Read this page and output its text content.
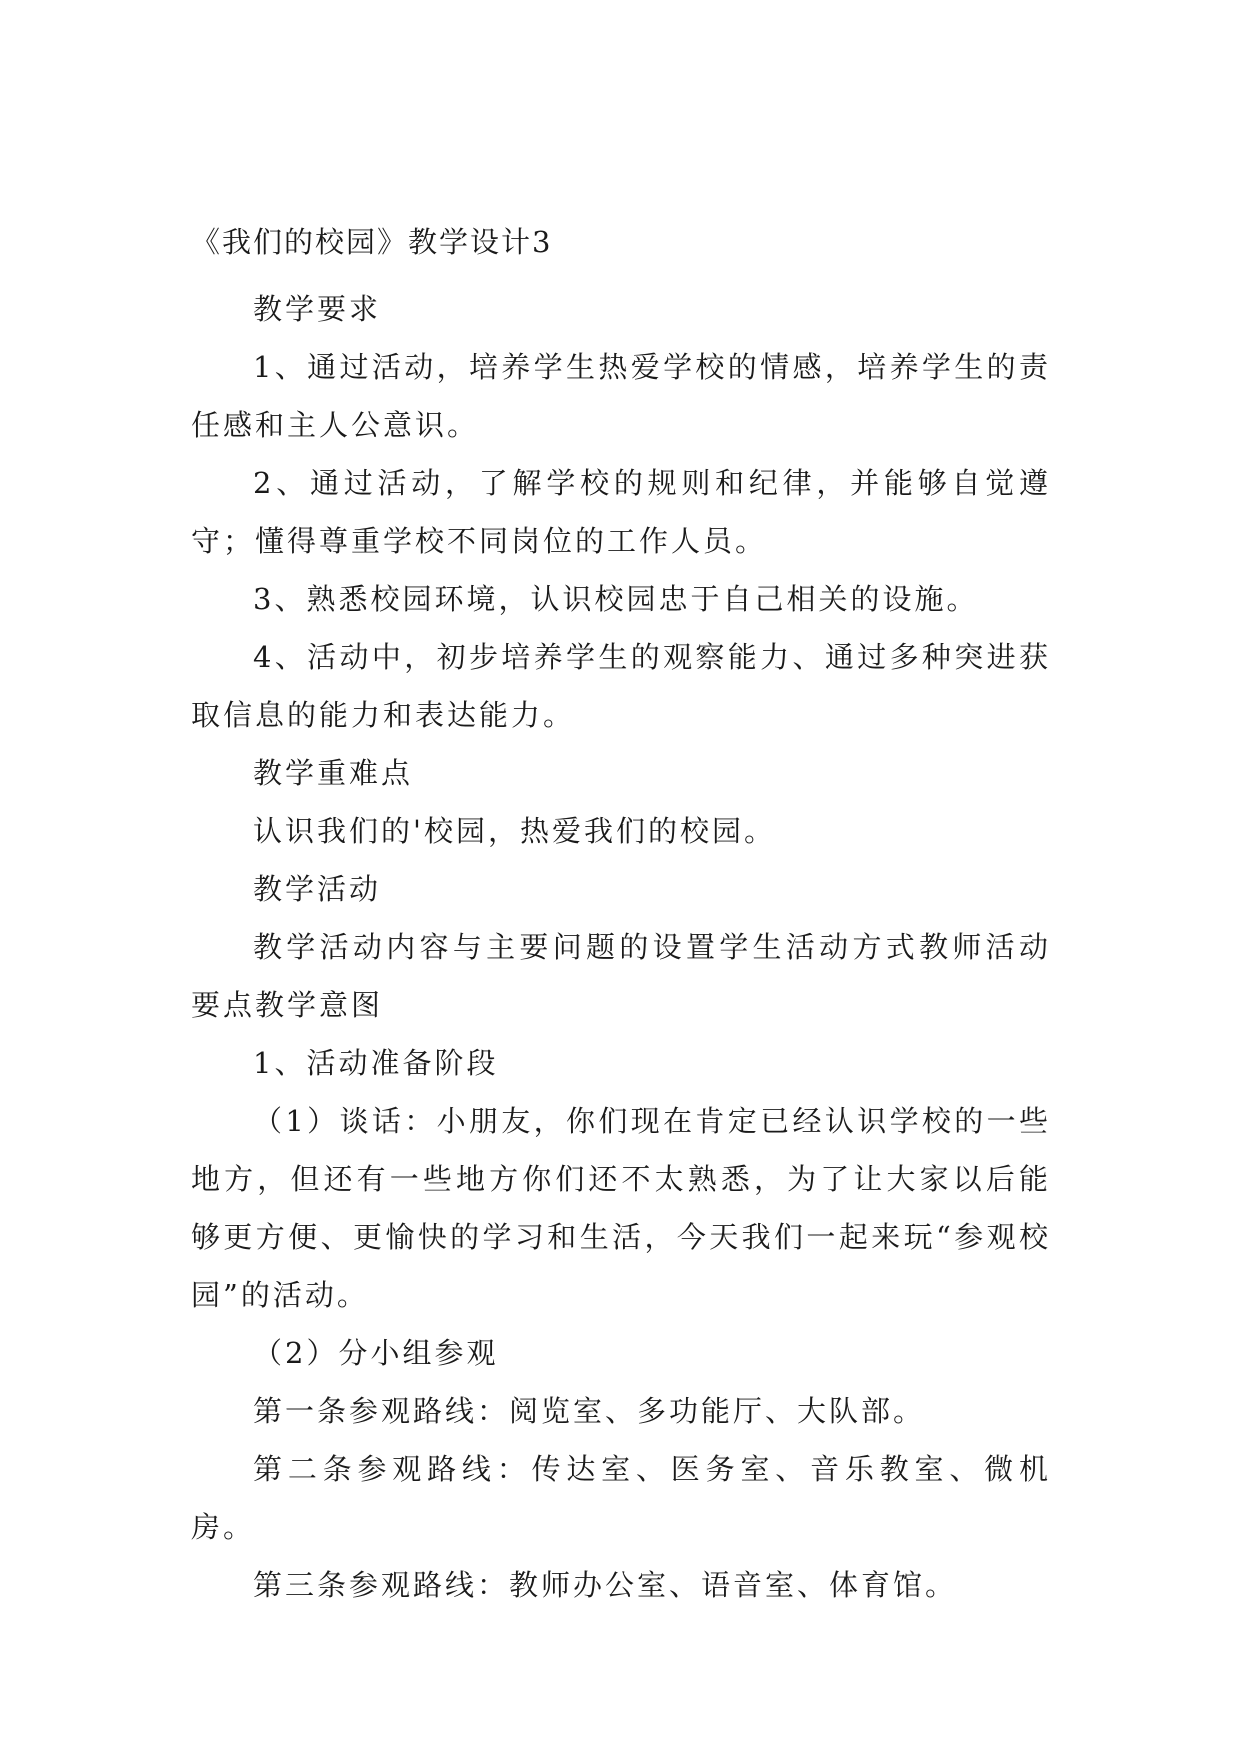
《我们的校园》教学设计3

教学要求

1、通过活动，培养学生热爱学校的情感，培养学生的责任感和主人公意识。

2、通过活动，了解学校的规则和纪律，并能够自觉遵守；懂得尊重学校不同岗位的工作人员。

3、熟悉校园环境，认识校园忠于自己相关的设施。

4、活动中，初步培养学生的观察能力、通过多种突进获取信息的能力和表达能力。

教学重难点

认识我们的'校园，热爱我们的校园。

教学活动

教学活动内容与主要问题的设置学生活动方式教师活动要点教学意图

1、活动准备阶段

（1）谈话：小朋友，你们现在肯定已经认识学校的一些地方，但还有一些地方你们还不太熟悉，为了让大家以后能够更方便、更愉快的学习和生活，今天我们一起来玩“参观校园”的活动。

（2）分小组参观

第一条参观路线：阅览室、多功能厅、大队部。

第二条参观路线：传达室、医务室、音乐教室、微机房。

第三条参观路线：教师办公室、语音室、体育馆。
